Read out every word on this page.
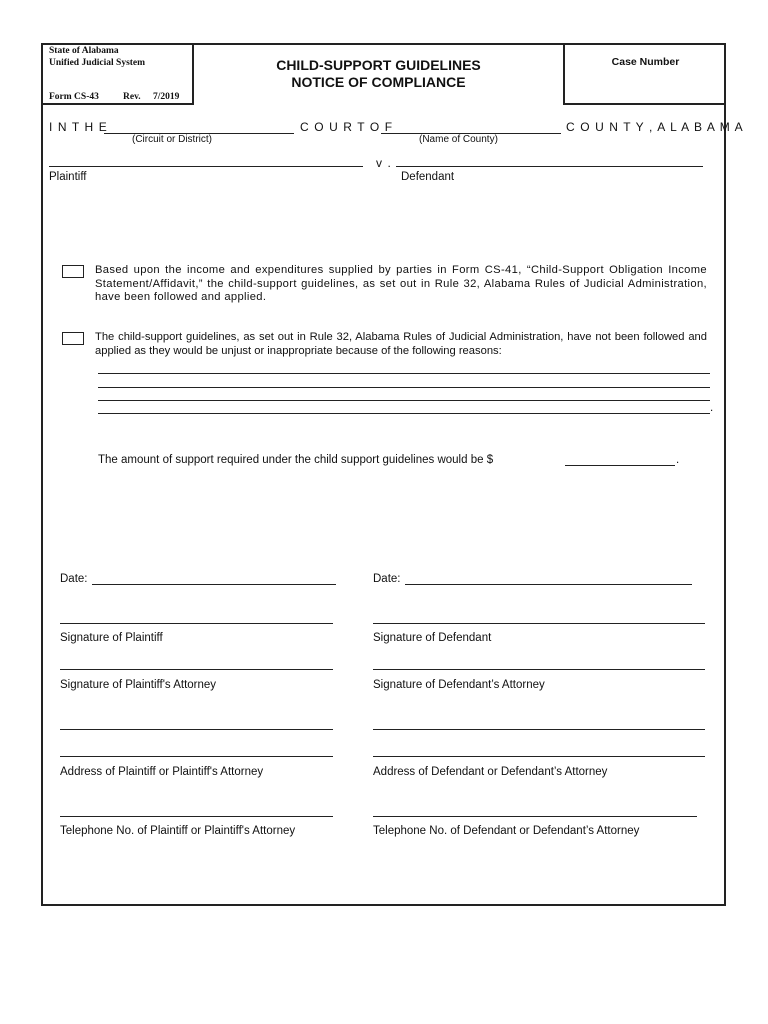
State of Alabama
Unified Judicial System
Form CS-43	Rev. 7/2019
CHILD-SUPPORT GUIDELINES
NOTICE OF COMPLIANCE
Case Number
I N T H E	C O U R T O F	C O U N T Y , A L A B A M A
(Circuit or District)	(Name of County)
v .
Plaintiff	Defendant
Based upon the income and expenditures supplied by parties in Form CS-41, “Child-Support Obligation Income Statement/Affidavit,” the child-support guidelines, as set out in Rule 32, Alabama Rules of Judicial Administration, have been followed and applied.
The child-support guidelines, as set out in Rule 32, Alabama Rules of Judicial Administration, have not been followed and applied as they would be unjust or inappropriate because of the following reasons:
.
The amount of support required under the child support guidelines would be $	.
Date:	Date:
Signature of Plaintiff	Signature of Defendant
Signature of Plaintiff's Attorney	Signature of Defendant’s Attorney
Address of Plaintiff or Plaintiff's Attorney	Address of Defendant or Defendant’s Attorney
Telephone No. of Plaintiff or Plaintiff's Attorney	Telephone No. of Defendant or Defendant’s Attorney
